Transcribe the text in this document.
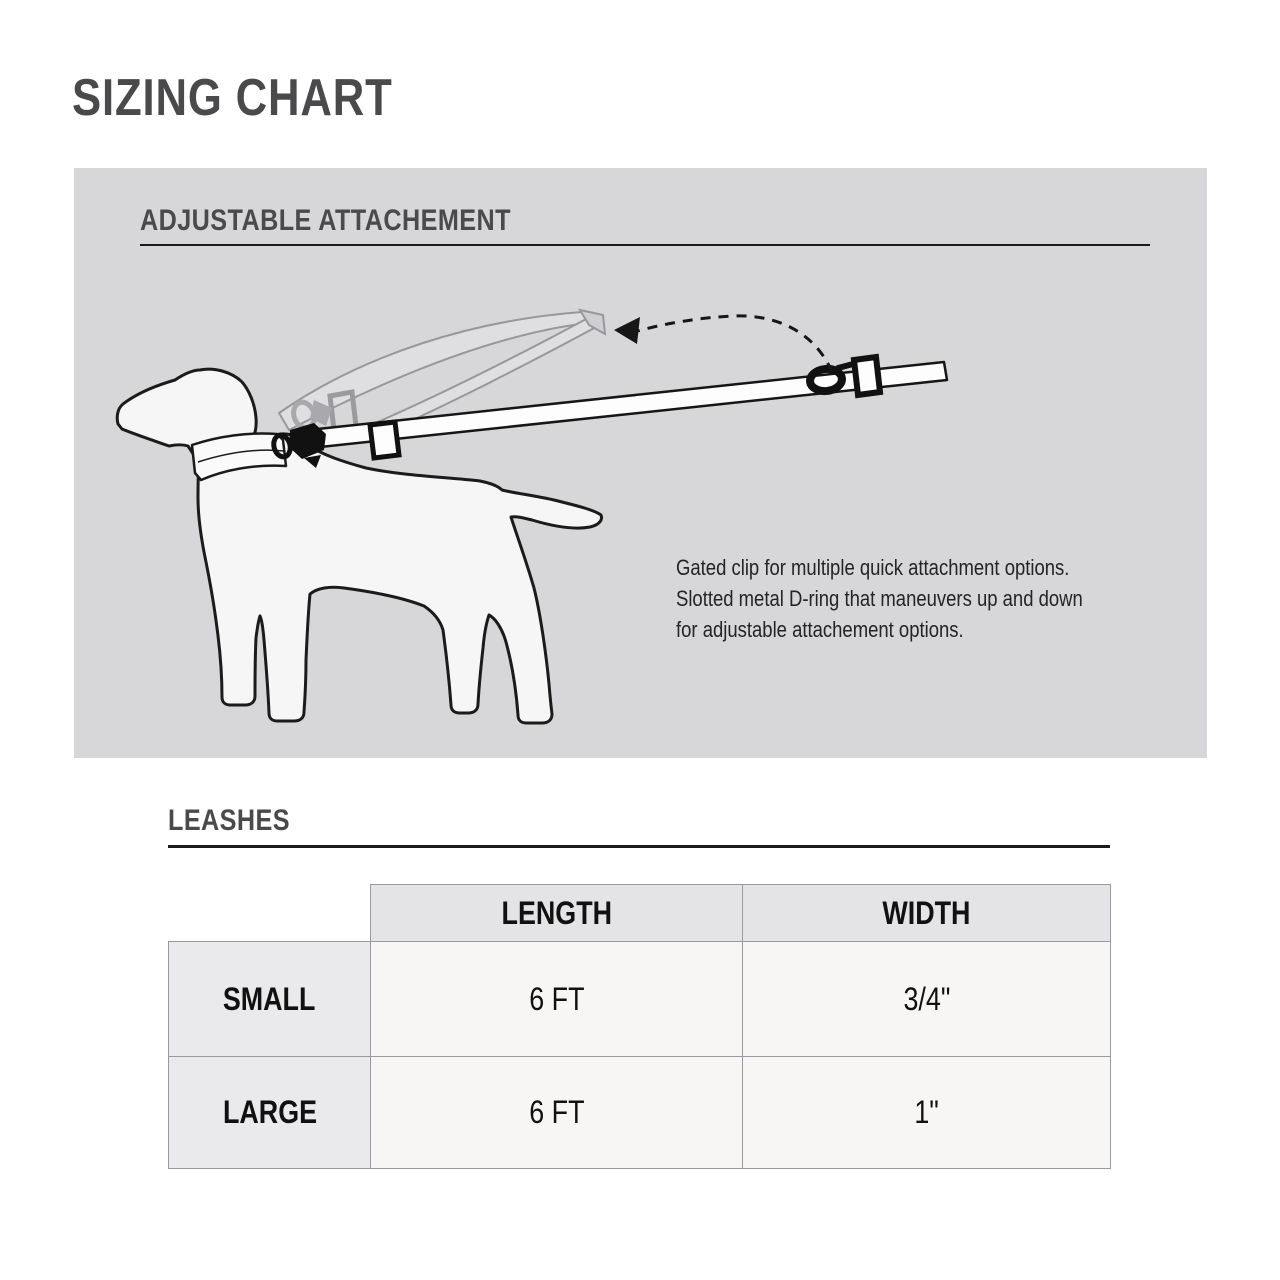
SIZING CHART
ADJUSTABLE ATTACHEMENT
Gated clip for multiple quick attachment options.
Slotted metal D-ring that maneuvers up and down
for adjustable attachement options.
LEASHES
	LENGTH	WIDTH
SMALL	6 FT	3/4"
LARGE	6 FT	1"
